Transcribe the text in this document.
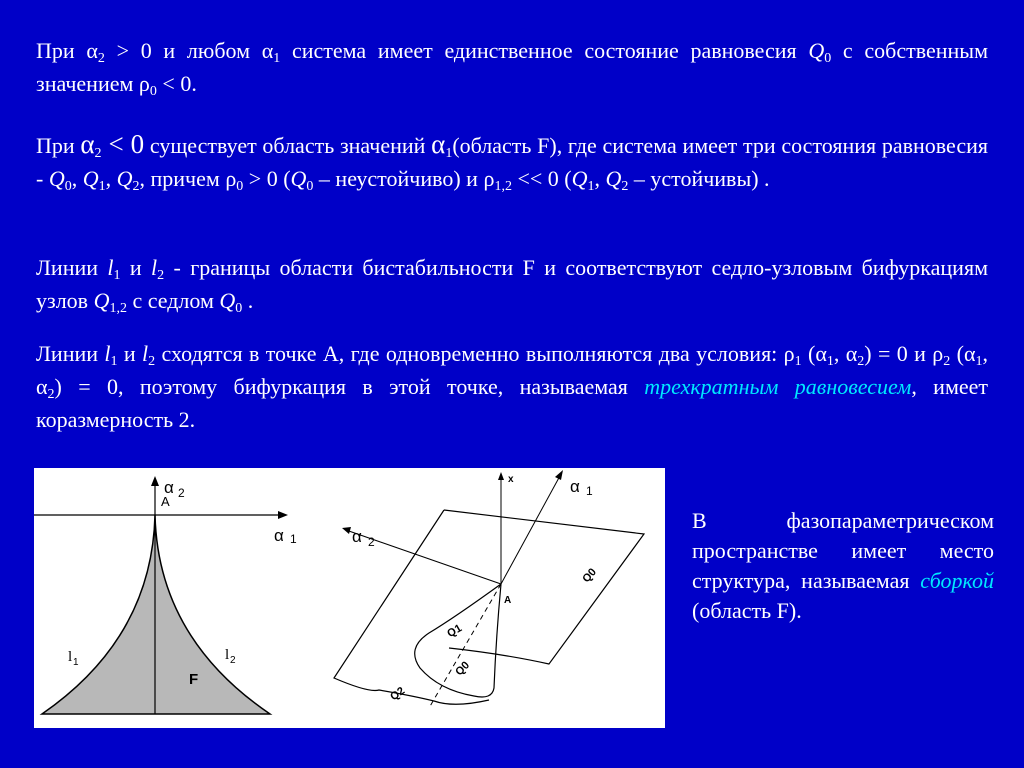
При $\alpha_2 > 0$ и любом $\alpha_1$ система имеет единственное состояние равновесия $Q_0$ с собственным значением $\rho_0 < 0$.
При $\alpha_2 < 0$ существует область значений $\alpha_1(область$ F), где система имеет три состояния равновесия - $Q_0$, $Q_1$, $Q_2$, причем $\rho_0 > 0$ ($Q_0$ – неустойчиво) и $\rho_{1,2} << 0$ ($Q_1$, $Q_2$ – устойчивы) .
Линии $l_1$ и $l_2$ - границы области бистабильности F и соответствуют седло-узловым бифуркациям узлов $Q_{1,2}$ с седлом $Q_0$ .
Линии $l_1$ и $l_2$ сходятся в точке А, где одновременно выполняются два условия: $\rho_1$ ($\alpha_1$, $\alpha_2) = 0$ и $\rho_2$ ($\alpha_1$, $\alpha_2) = 0$, поэтому бифуркация в этой точке, называемая трехкратным равновесием, имеет коразмерность 2.
α 2
A
α 1
l 1	l 2
F
x	α 1
α 2
A
Q0
Q1
Q0
Q2
В фазопараметрическом пространстве имеет место структура, называемая сборкой (область F).
